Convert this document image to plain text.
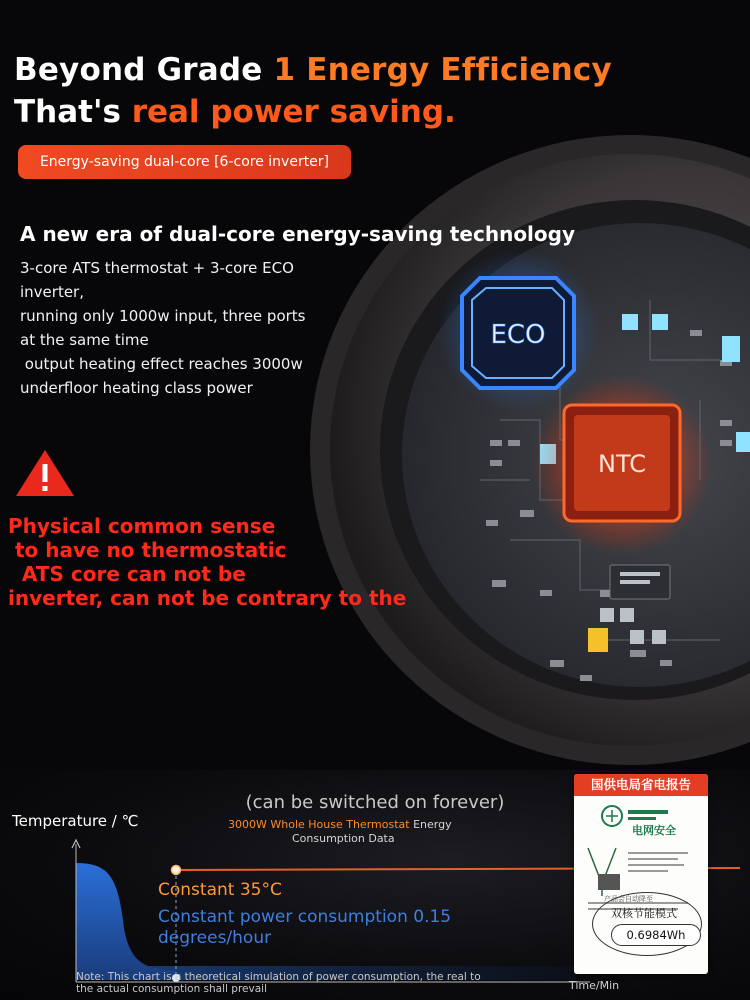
Beyond Grade 1 Energy Efficiency
That's real power saving.
Energy-saving dual-core [6-core inverter]
ECO
NTC
A new era of dual-core energy-saving technology
3-core ATS thermostat + 3-core ECO
inverter,
running only 1000w input, three ports
at the same time
output heating effect reaches 3000w
underfloor heating class power
Physical common sense
to have no thermostatic
ATS core can not be
inverter, can not be contrary to the
(can be switched on forever)
Temperature / ℃	3000W Whole House Thermostat Energy
Consumption Data
Constant 35°C
Constant power consumption 0.15
degrees/hour
Note: This chart is a theoretical simulation of power consumption, the real to
the actual consumption shall prevail	Time/Min
国供电局省电报告
电网安全
产品会自动降至
双核节能模式
0.6984Wh
